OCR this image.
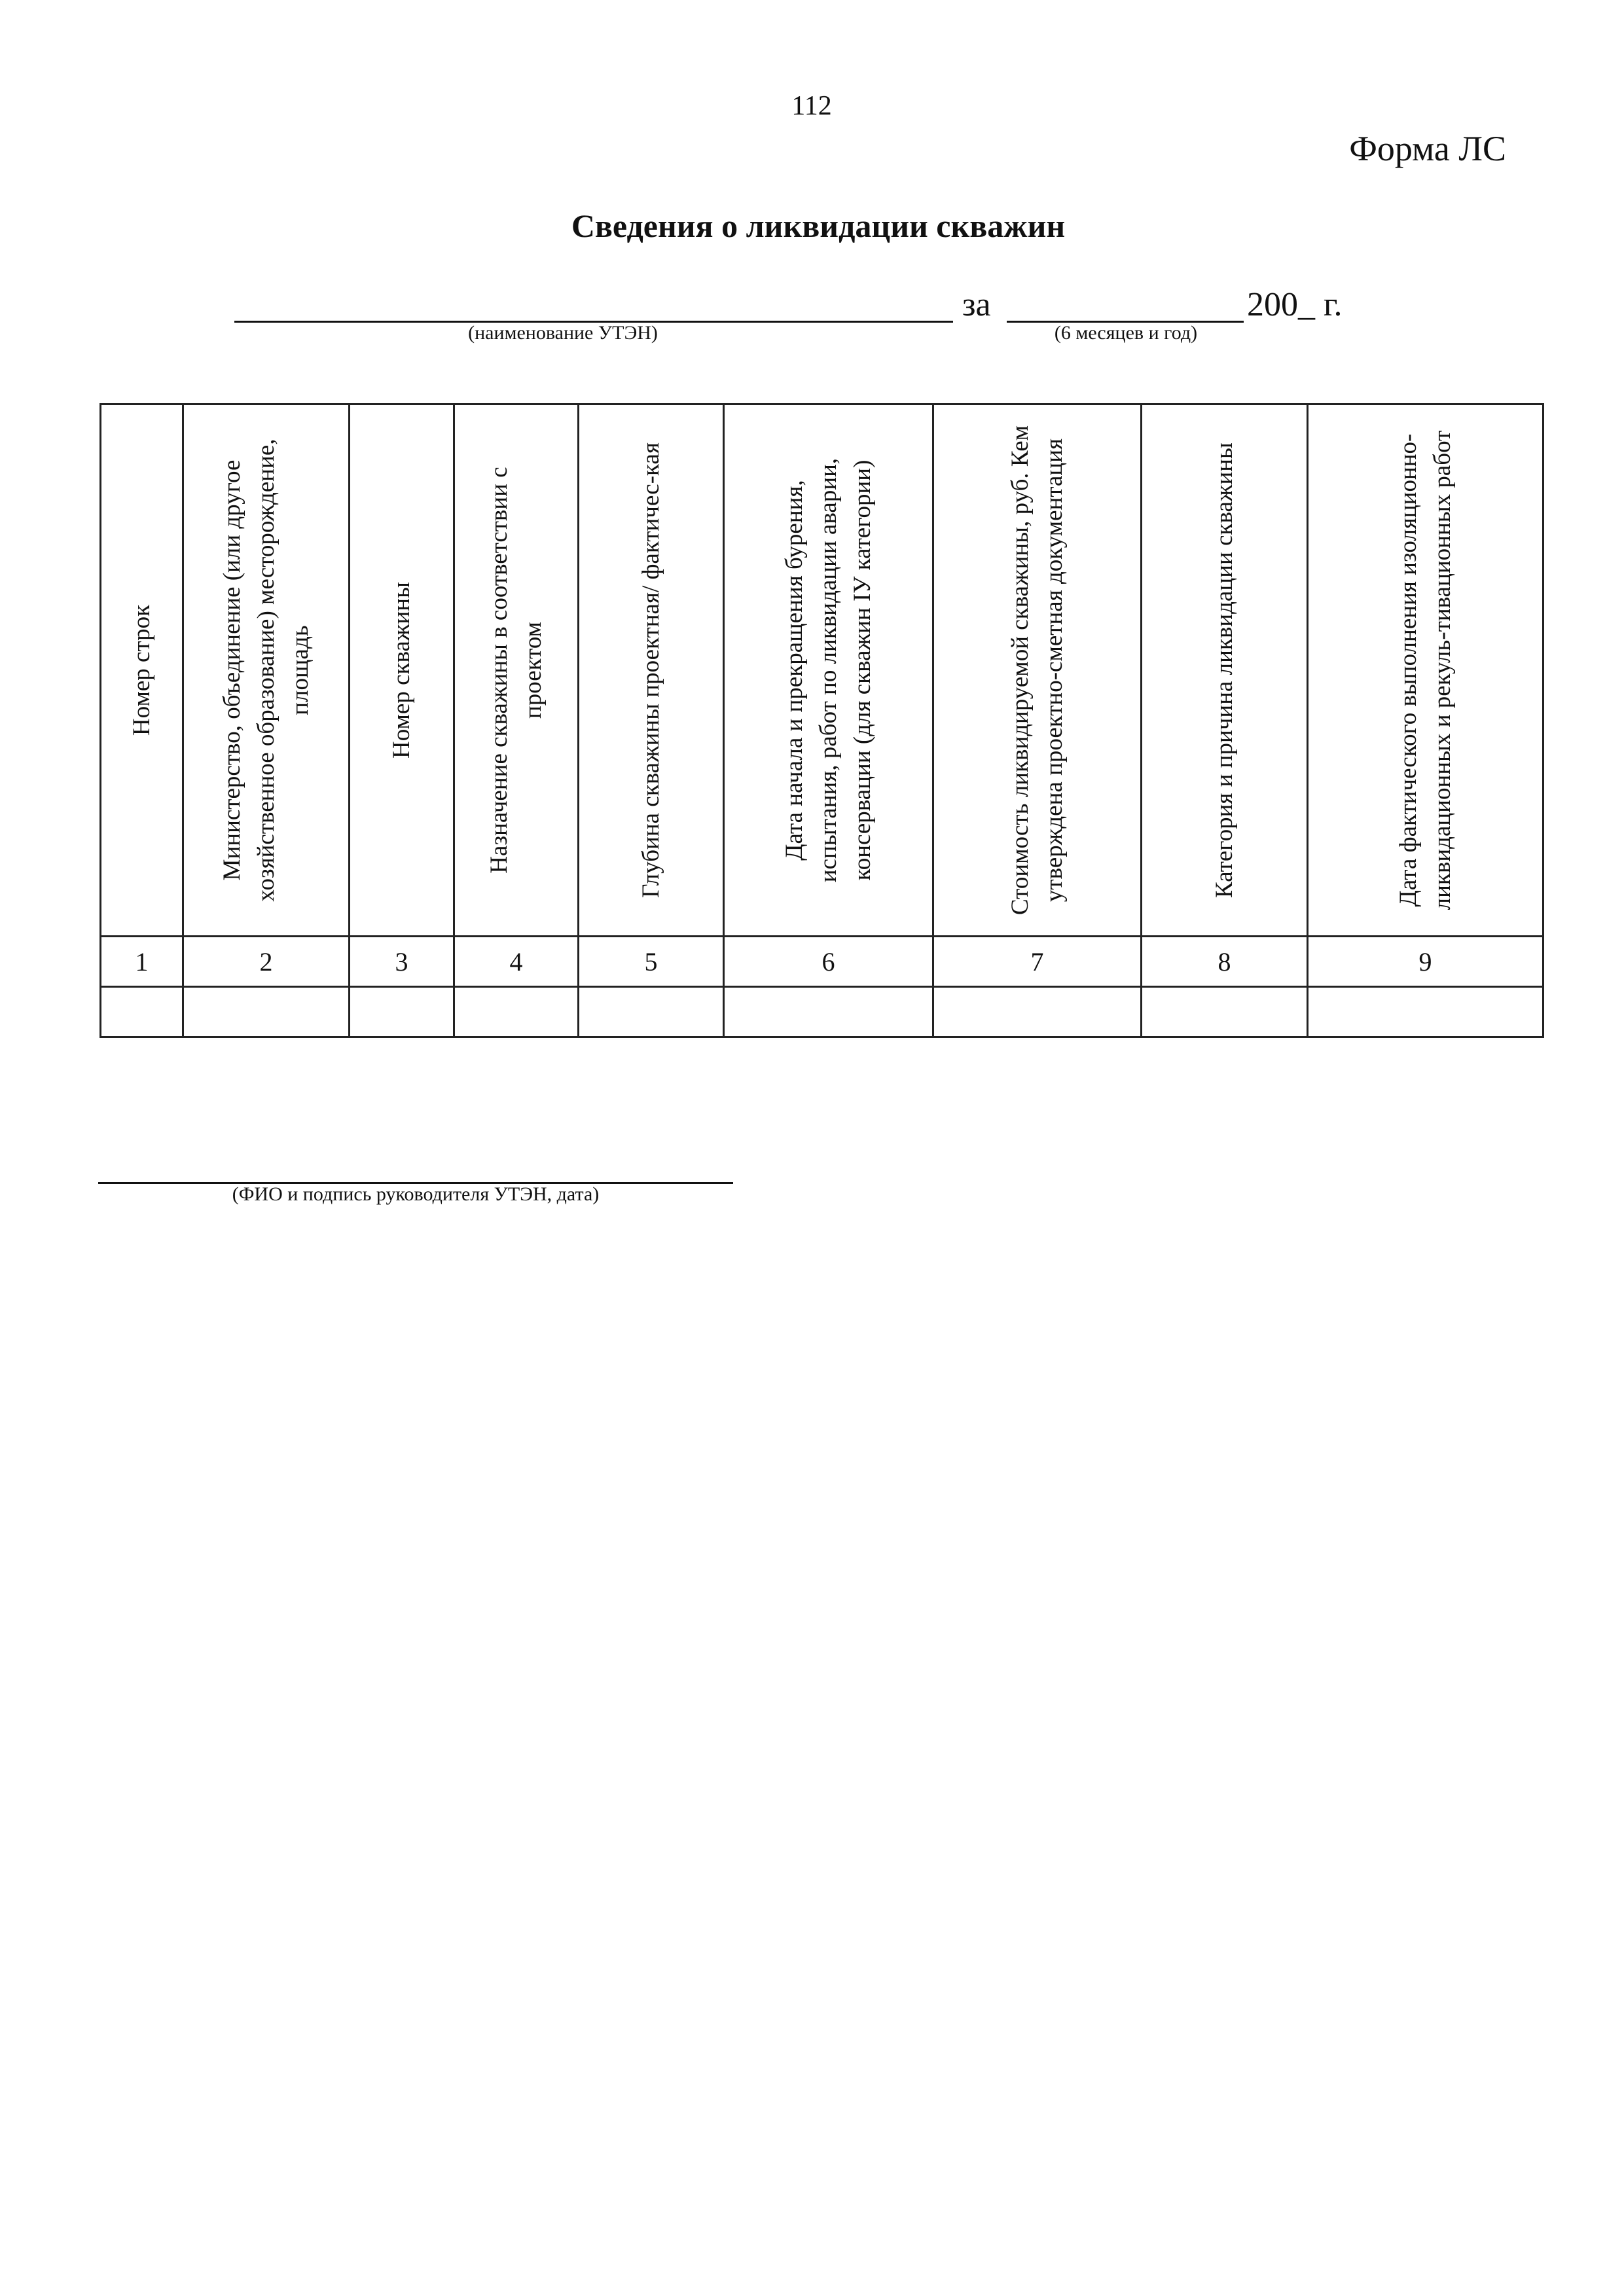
112
Форма ЛС
Сведения о ликвидации скважин
(наименование УТЭН)
за
(6 месяцев и год)
200_ г.
Номер строк	Министерство, объединение (или другое хозяйственное образование) месторождение, площадь	Номер скважины	Назначение скважины в соответствии с проектом	Глубина скважины проектная/ фактичес-кая	Дата начала и прекращения бурения, испытания, работ по ликвидации аварии, консервации (для скважин IУ категории)	Стоимость ликвидируемой скважины, руб. Кем утверждена проектно-сметная документация	Категория и причина ликвидации скважины	Дата фактического выполнения изоляционно-ликвидационных и рекуль-тивационных работ

1	2	3	4	5	6	7	8	9

(ФИО и подпись руководителя УТЭН, дата)
